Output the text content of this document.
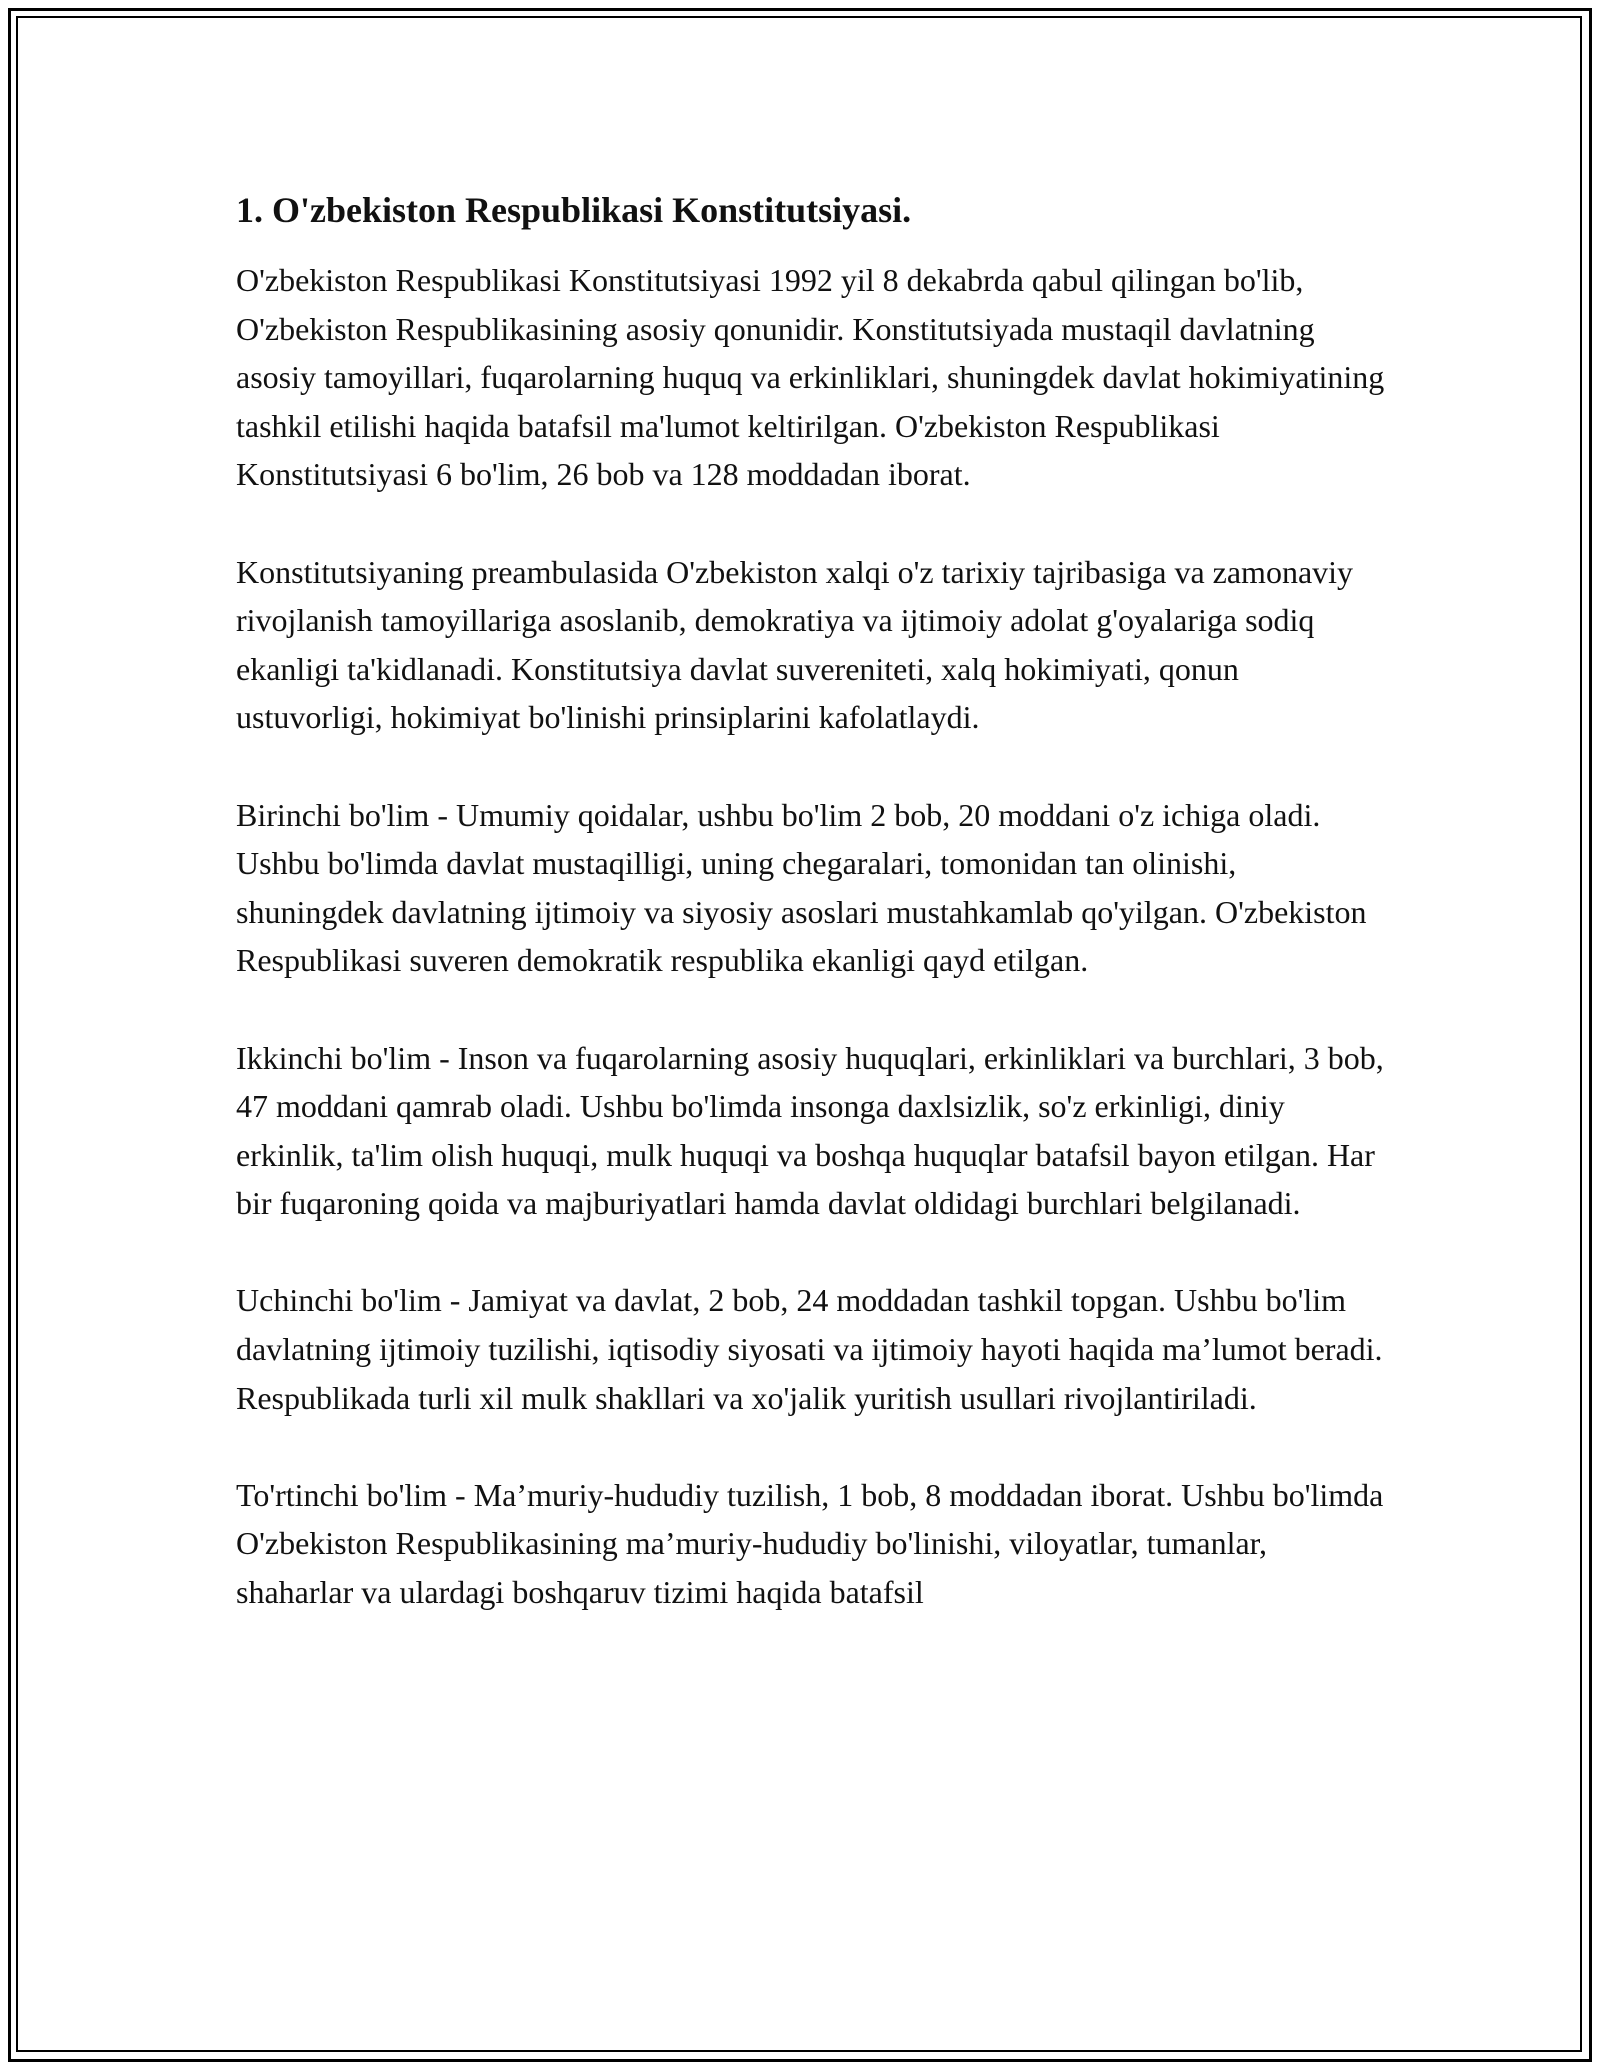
1. O'zbekiston Respublikasi Konstitutsiyasi.

O'zbekiston Respublikasi Konstitutsiyasi 1992 yil 8 dekabrda qabul qilingan bo'lib, O'zbekiston Respublikasining asosiy qonunidir. Konstitutsiyada mustaqil davlatning asosiy tamoyillari, fuqarolarning huquq va erkinliklari, shuningdek davlat hokimiyatining tashkil etilishi haqida batafsil ma'lumot keltirilgan. O'zbekiston Respublikasi Konstitutsiyasi 6 bo'lim, 26 bob va 128 moddadan iborat.

Konstitutsiyaning preambulasida O'zbekiston xalqi o'z tarixiy tajribasiga va zamonaviy rivojlanish tamoyillariga asoslanib, demokratiya va ijtimoiy adolat g'oyalariga sodiq ekanligi ta'kidlanadi. Konstitutsiya davlat suvereniteti, xalq hokimiyati, qonun ustuvorligi, hokimiyat bo'linishi prinsiplarini kafolatlaydi.

Birinchi bo'lim - Umumiy qoidalar, ushbu bo'lim 2 bob, 20 moddani o'z ichiga oladi. Ushbu bo'limda davlat mustaqilligi, uning chegaralari, tomonidan tan olinishi, shuningdek davlatning ijtimoiy va siyosiy asoslari mustahkamlab qo'yilgan. O'zbekiston Respublikasi suveren demokratik respublika ekanligi qayd etilgan.

Ikkinchi bo'lim - Inson va fuqarolarning asosiy huquqlari, erkinliklari va burchlari, 3 bob, 47 moddani qamrab oladi. Ushbu bo'limda insonga daxlsizlik, so'z erkinligi, diniy erkinlik, ta'lim olish huquqi, mulk huquqi va boshqa huquqlar batafsil bayon etilgan. Har bir fuqaroning qoida va majburiyatlari hamda davlat oldidagi burchlari belgilanadi.

Uchinchi bo'lim - Jamiyat va davlat, 2 bob, 24 moddadan tashkil topgan. Ushbu bo'lim davlatning ijtimoiy tuzilishi, iqtisodiy siyosati va ijtimoiy hayoti haqida ma’lumot beradi. Respublikada turli xil mulk shakllari va xo'jalik yuritish usullari rivojlantiriladi.

To'rtinchi bo'lim - Ma’muriy-hududiy tuzilish, 1 bob, 8 moddadan iborat. Ushbu bo'limda O'zbekiston Respublikasining ma’muriy-hududiy bo'linishi, viloyatlar, tumanlar, shaharlar va ulardagi boshqaruv tizimi haqida batafsil
